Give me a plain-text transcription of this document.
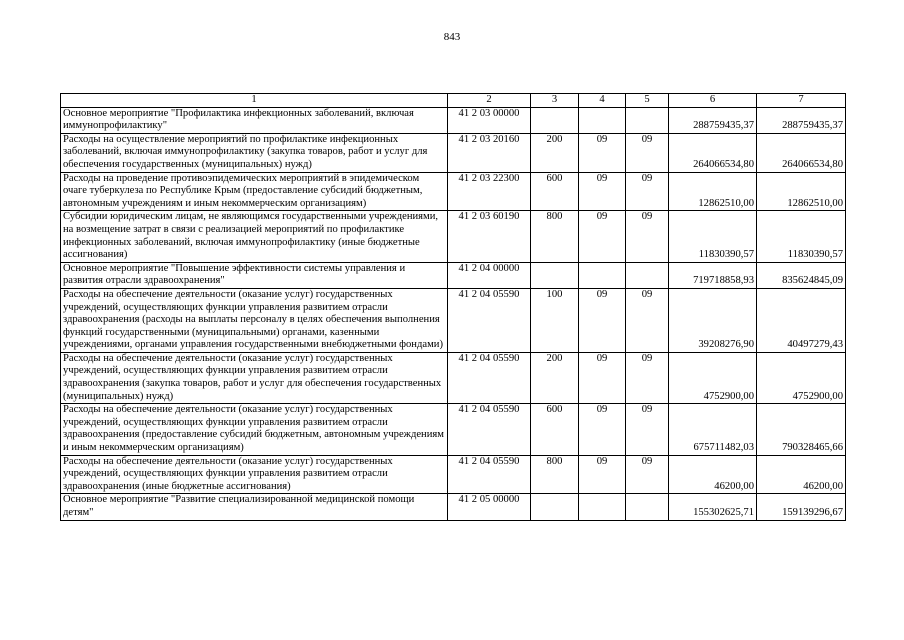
843
1	2	3	4	5	6	7
Основное мероприятие "Профилактика инфекционных заболеваний, включая иммунопрофилактику"	41 2 03 00000				288759435,37	288759435,37
Расходы на осуществление мероприятий по профилактике инфекционных заболеваний, включая иммунопрофилактику (закупка товаров, работ и услуг для обеспечения государственных (муниципальных) нужд)	41 2 03 20160	200	09	09	264066534,80	264066534,80
Расходы на проведение противоэпидемических мероприятий в эпидемическом очаге туберкулеза по Республике Крым (предоставление субсидий бюджетным, автономным учреждениям и иным некоммерческим организациям)	41 2 03 22300	600	09	09	12862510,00	12862510,00
Субсидии юридическим лицам, не являющимся государственными учреждениями, на возмещение затрат в связи с реализацией мероприятий по профилактике инфекционных заболеваний, включая иммунопрофилактику (иные бюджетные ассигнования)	41 2 03 60190	800	09	09	11830390,57	11830390,57
Основное мероприятие "Повышение эффективности системы управления и развития отрасли здравоохранения"	41 2 04 00000				719718858,93	835624845,09
Расходы на обеспечение деятельности (оказание услуг) государственных учреждений, осуществляющих функции управления развитием отрасли здравоохранения (расходы на выплаты персоналу в целях обеспечения выполнения функций государственными (муниципальными) органами, казенными учреждениями, органами управления государственными внебюджетными фондами)	41 2 04 05590	100	09	09	39208276,90	40497279,43
Расходы на обеспечение деятельности (оказание услуг) государственных учреждений, осуществляющих функции управления развитием отрасли здравоохранения (закупка товаров, работ и услуг для обеспечения государственных (муниципальных) нужд)	41 2 04 05590	200	09	09	4752900,00	4752900,00
Расходы на обеспечение деятельности (оказание услуг) государственных учреждений, осуществляющих функции управления развитием отрасли здравоохранения (предоставление субсидий бюджетным, автономным учреждениям и иным некоммерческим организациям)	41 2 04 05590	600	09	09	675711482,03	790328465,66
Расходы на обеспечение деятельности (оказание услуг) государственных учреждений, осуществляющих функции управления развитием отрасли здравоохранения (иные бюджетные ассигнования)	41 2 04 05590	800	09	09	46200,00	46200,00
Основное мероприятие "Развитие специализированной медицинской помощи детям"	41 2 05 00000				155302625,71	159139296,67
